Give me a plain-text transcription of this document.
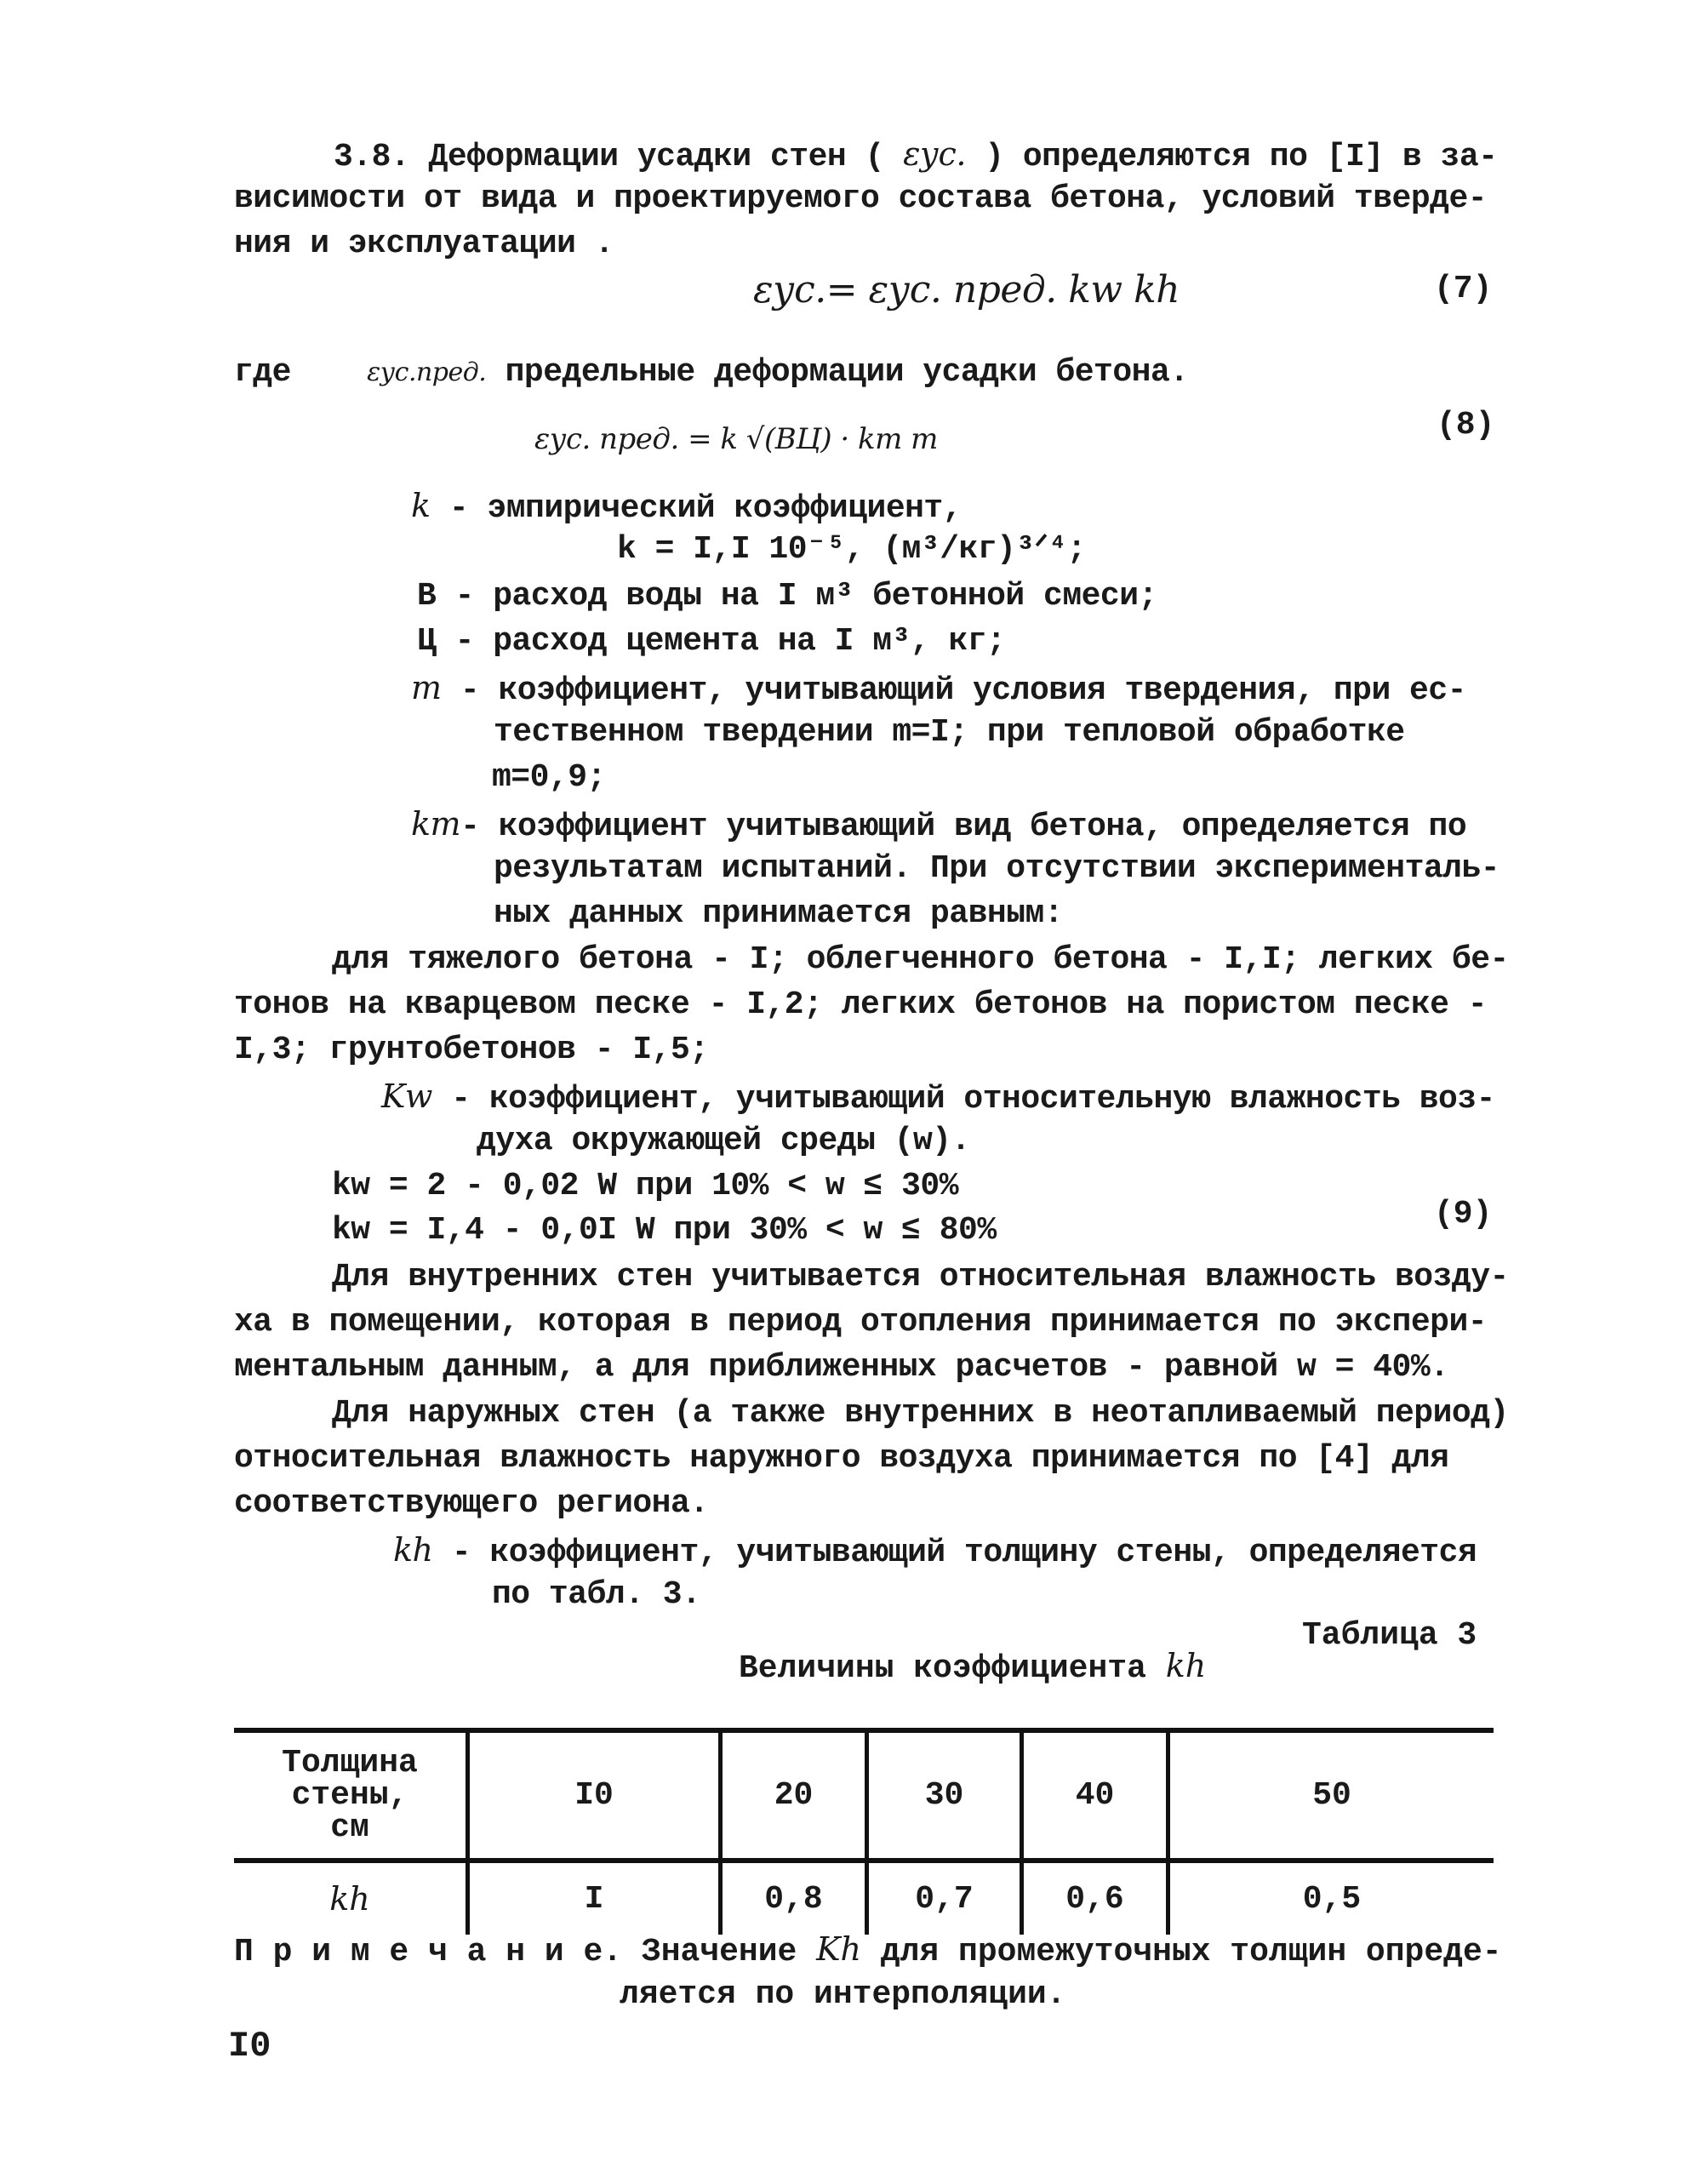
3.8. Деформации усадки стен ( εус. ) определяются по [I] в за-
висимости от вида и проектируемого состава бетона, условий тверде-
ния и эксплуатации .
εус.= εус. пред. kw kh	(7)
где	εус.пред. предельные деформации усадки бетона.
εус. пред. = k √(ВЦ) · kт m	(8)
k - эмпирический коэффициент,
k = I,I 10⁻⁵, (м³/кг)³ᐟ⁴;
В - расход воды на I м³ бетонной смеси;
Ц - расход цемента на I м³, кг;
m - коэффициент, учитывающий условия твердения, при ес-
тественном твердении m=I; при тепловой обработке
m=0,9;
kт- коэффициент учитывающий вид бетона, определяется по
результатам испытаний. При отсутствии эксперименталь-
ных данных принимается равным:
для тяжелого бетона - I; облегченного бетона - I,I; легких бе-
тонов на кварцевом песке - I,2; легких бетонов на пористом песке -
I,3; грунтобетонов - I,5;
Kw - коэффициент, учитывающий относительную влажность воз-
духа окружающей среды (w).
kw = 2 - 0,02 W при 10% < w ≤ 30%
kw = I,4 - 0,0I W при 30% < w ≤ 80%	(9)
Для внутренних стен учитывается относительная влажность возду-
ха в помещении, которая в период отопления принимается по экспери-
ментальным данным, а для приближенных расчетов - равной w = 40%.
Для наружных стен (а также внутренних в неотапливаемый период)
относительная влажность наружного воздуха принимается по [4] для
соответствующего региона.
kh - коэффициент, учитывающий толщину стены, определяется
по табл. 3.
Таблица 3
Величины коэффициента kh
Толщина
стены,
см	I0	20	30	40	50
kh	I	0,8	0,7	0,6	0,5
П р и м е ч а н и е. Значение Kh для промежуточных толщин опреде-
ляется по интерполяции.
I0
